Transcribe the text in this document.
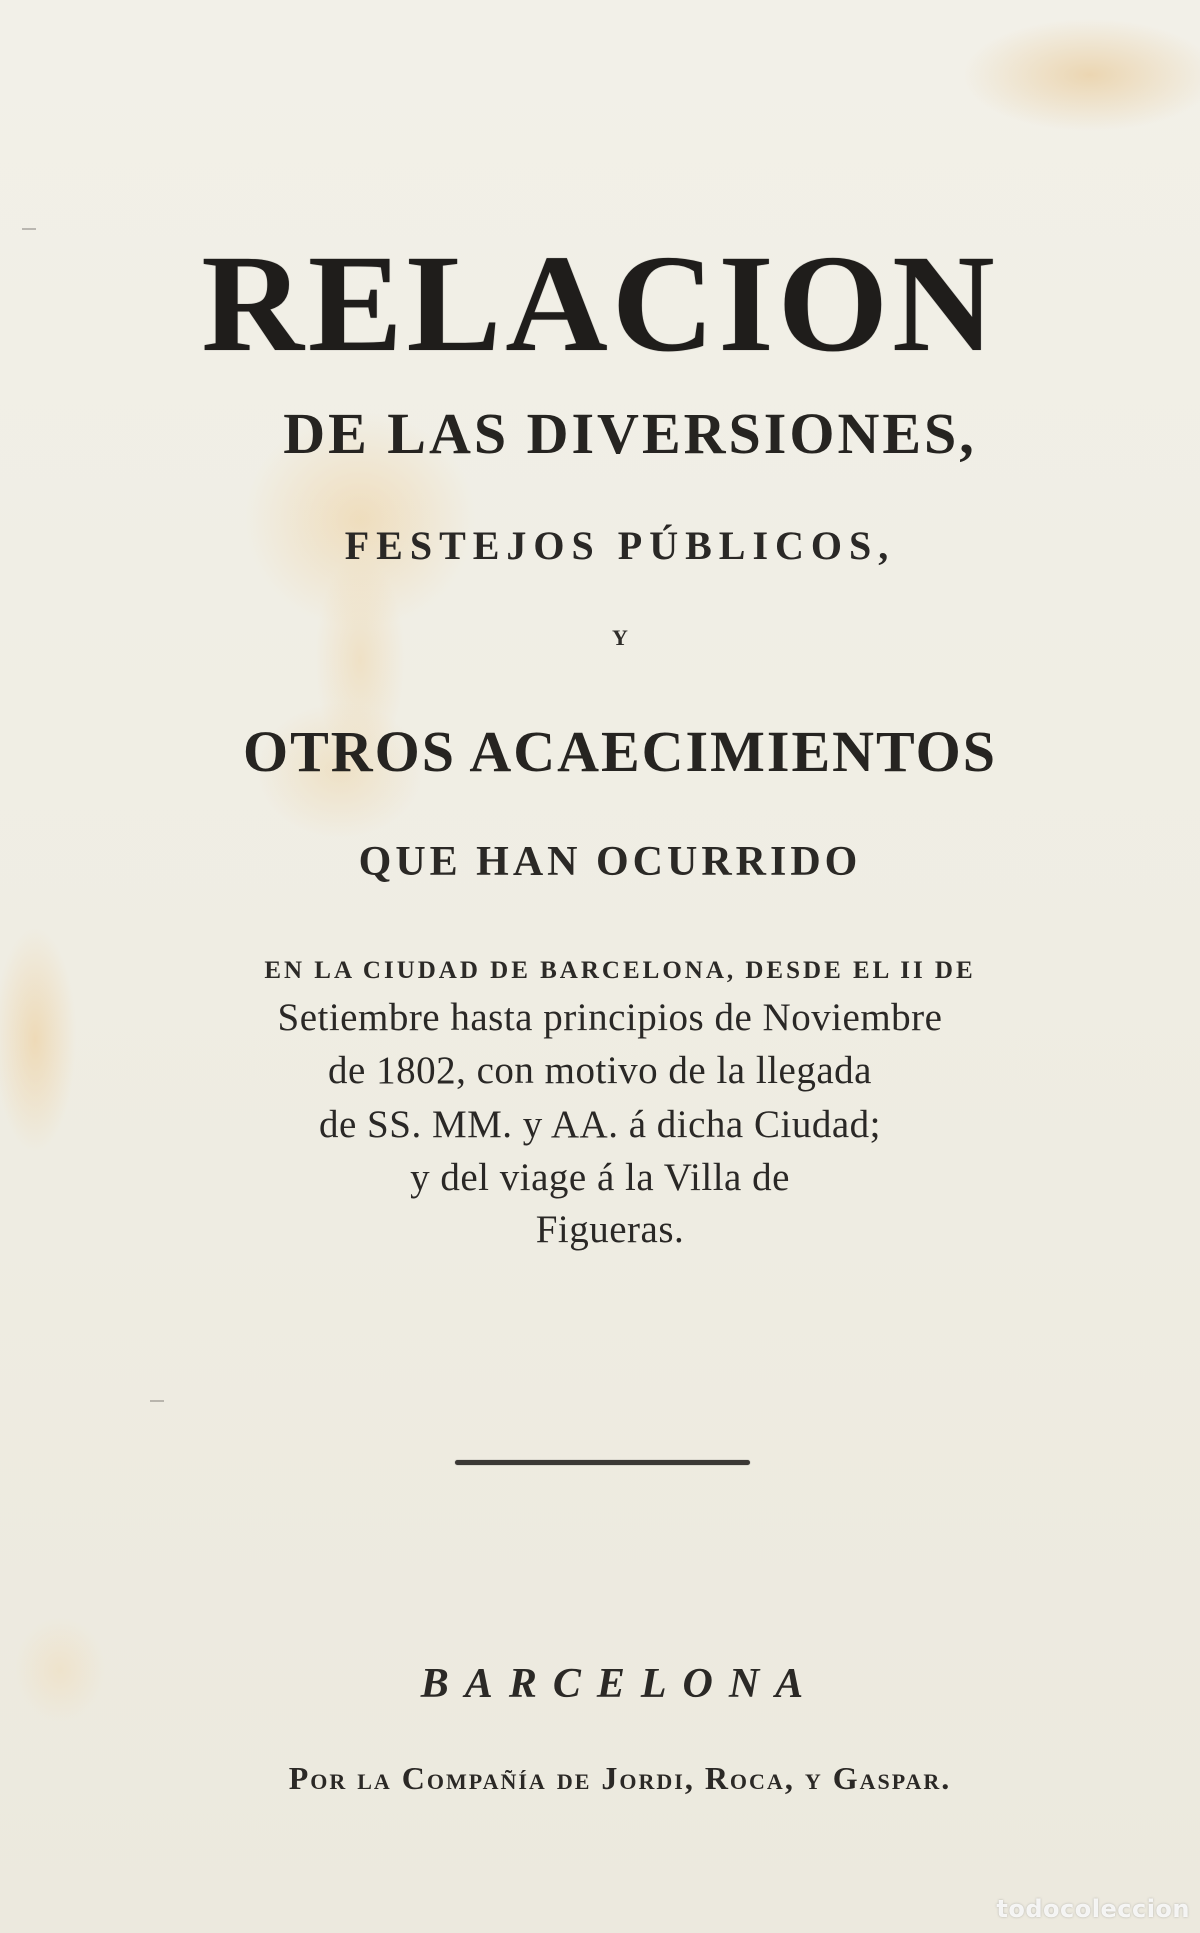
RELACION
DE LAS DIVERSIONES,
FESTEJOS PÚBLICOS,
Y
OTROS ACAECIMIENTOS
QUE HAN OCURRIDO
EN LA CIUDAD DE BARCELONA, DESDE EL II DE
Setiembre hasta principios de Noviembre
de 1802, con motivo de la llegada
de SS. MM. y AA. á dicha Ciudad;
y del viage á la Villa de
Figueras.
BARCELONA
Por la Compañía de Jordi, Roca, y Gaspar.
todocoleccion
